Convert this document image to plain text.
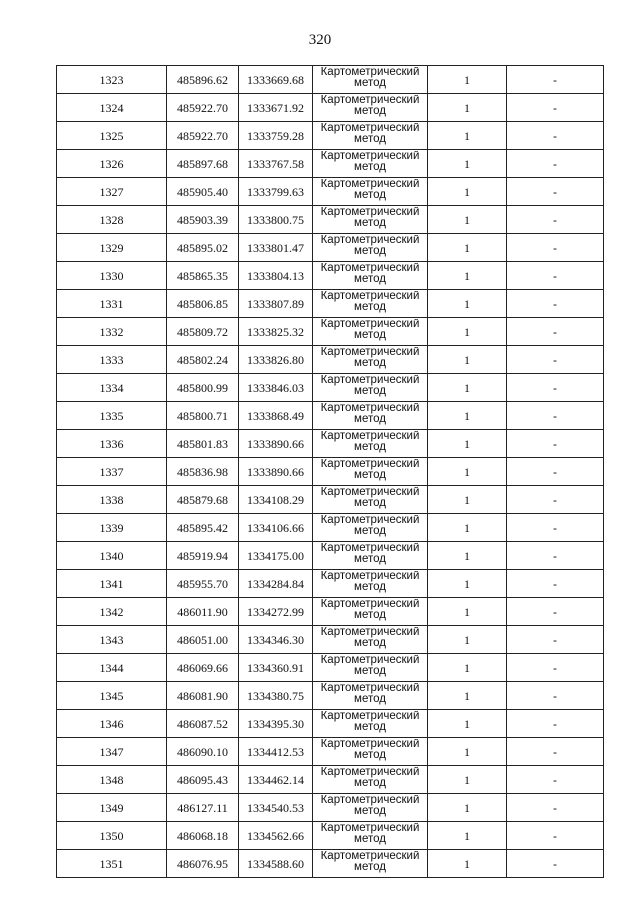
320
1323	485896.62	1333669.68	Картометрический метод	1	-
1324	485922.70	1333671.92	Картометрический метод	1	-
1325	485922.70	1333759.28	Картометрический метод	1	-
1326	485897.68	1333767.58	Картометрический метод	1	-
1327	485905.40	1333799.63	Картометрический метод	1	-
1328	485903.39	1333800.75	Картометрический метод	1	-
1329	485895.02	1333801.47	Картометрический метод	1	-
1330	485865.35	1333804.13	Картометрический метод	1	-
1331	485806.85	1333807.89	Картометрический метод	1	-
1332	485809.72	1333825.32	Картометрический метод	1	-
1333	485802.24	1333826.80	Картометрический метод	1	-
1334	485800.99	1333846.03	Картометрический метод	1	-
1335	485800.71	1333868.49	Картометрический метод	1	-
1336	485801.83	1333890.66	Картометрический метод	1	-
1337	485836.98	1333890.66	Картометрический метод	1	-
1338	485879.68	1334108.29	Картометрический метод	1	-
1339	485895.42	1334106.66	Картометрический метод	1	-
1340	485919.94	1334175.00	Картометрический метод	1	-
1341	485955.70	1334284.84	Картометрический метод	1	-
1342	486011.90	1334272.99	Картометрический метод	1	-
1343	486051.00	1334346.30	Картометрический метод	1	-
1344	486069.66	1334360.91	Картометрический метод	1	-
1345	486081.90	1334380.75	Картометрический метод	1	-
1346	486087.52	1334395.30	Картометрический метод	1	-
1347	486090.10	1334412.53	Картометрический метод	1	-
1348	486095.43	1334462.14	Картометрический метод	1	-
1349	486127.11	1334540.53	Картометрический метод	1	-
1350	486068.18	1334562.66	Картометрический метод	1	-
1351	486076.95	1334588.60	Картометрический метод	1	-
